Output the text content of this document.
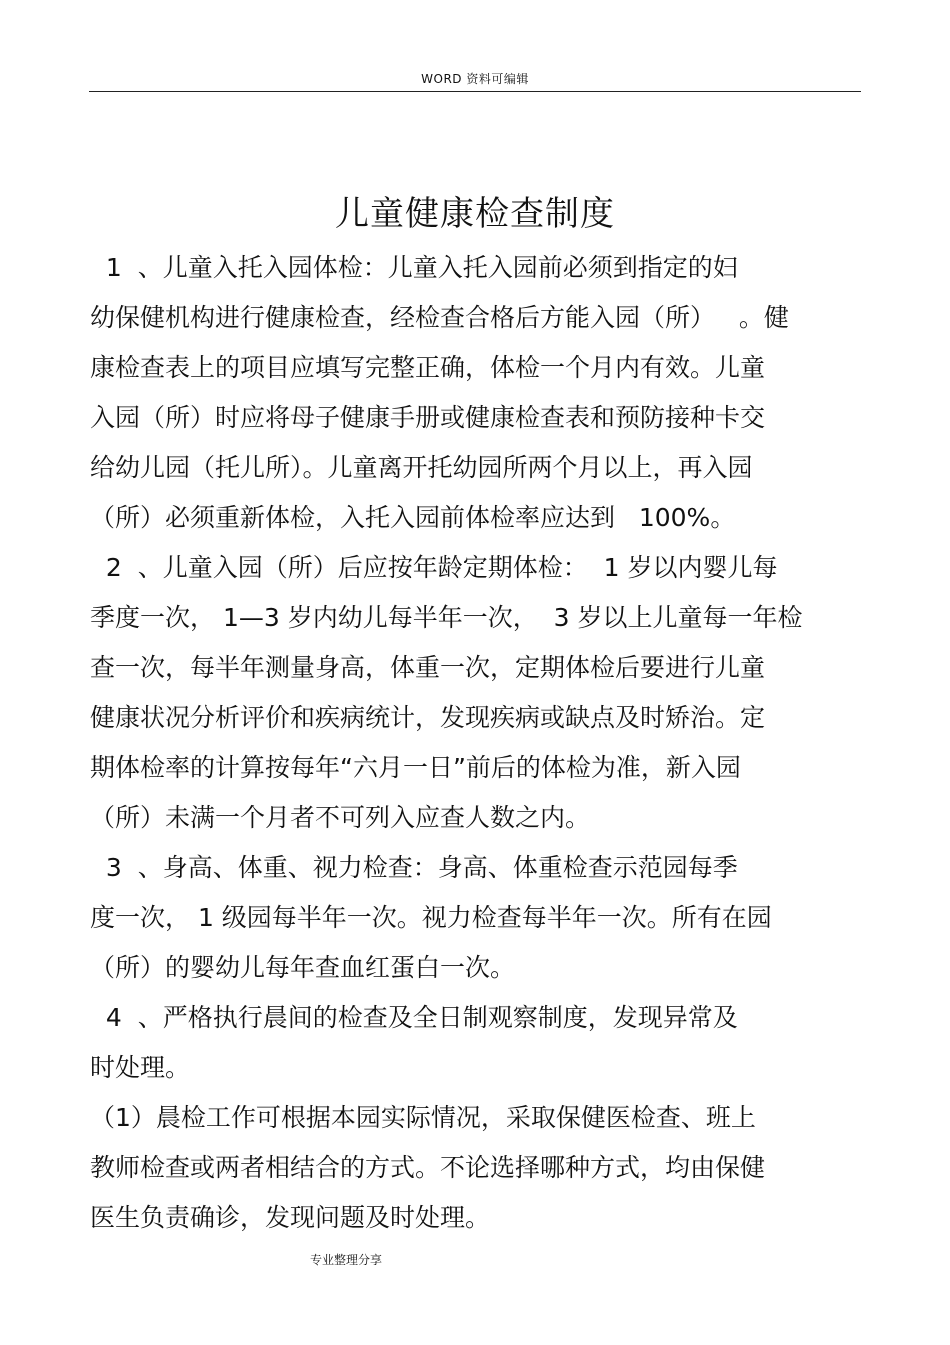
WORD 资料可编辑
儿童健康检查制度
1  、儿童入托入园体检：儿童入托入园前必须到指定的妇
幼保健机构进行健康检查，经检查合格后方能入园（所）   。健
康检查表上的项目应填写完整正确，体检一个月内有效。儿童
入园（所）时应将母子健康手册或健康检查表和预防接种卡交
给幼儿园（托儿所）。儿童离开托幼园所两个月以上，再入园
（所）必须重新体检，入托入园前体检率应达到   100%。
2  、儿童入园（所）后应按年龄定期体检：  1 岁以内婴儿每
季度一次， 1—3 岁内幼儿每半年一次，  3 岁以上儿童每一年检
查一次，每半年测量身高，体重一次，定期体检后要进行儿童
健康状况分析评价和疾病统计，发现疾病或缺点及时矫治。定
期体检率的计算按每年“六月一日”前后的体检为准，新入园
（所）未满一个月者不可列入应查人数之内。
3  、身高、体重、视力检查：身高、体重检查示范园每季
度一次， 1 级园每半年一次。视力检查每半年一次。所有在园
（所）的婴幼儿每年查血红蛋白一次。
4  、严格执行晨间的检查及全日制观察制度，发现异常及
时处理。
（1）晨检工作可根据本园实际情况，采取保健医检查、班上
教师检查或两者相结合的方式。不论选择哪种方式，均由保健
医生负责确诊，发现问题及时处理。
专业整理分享
